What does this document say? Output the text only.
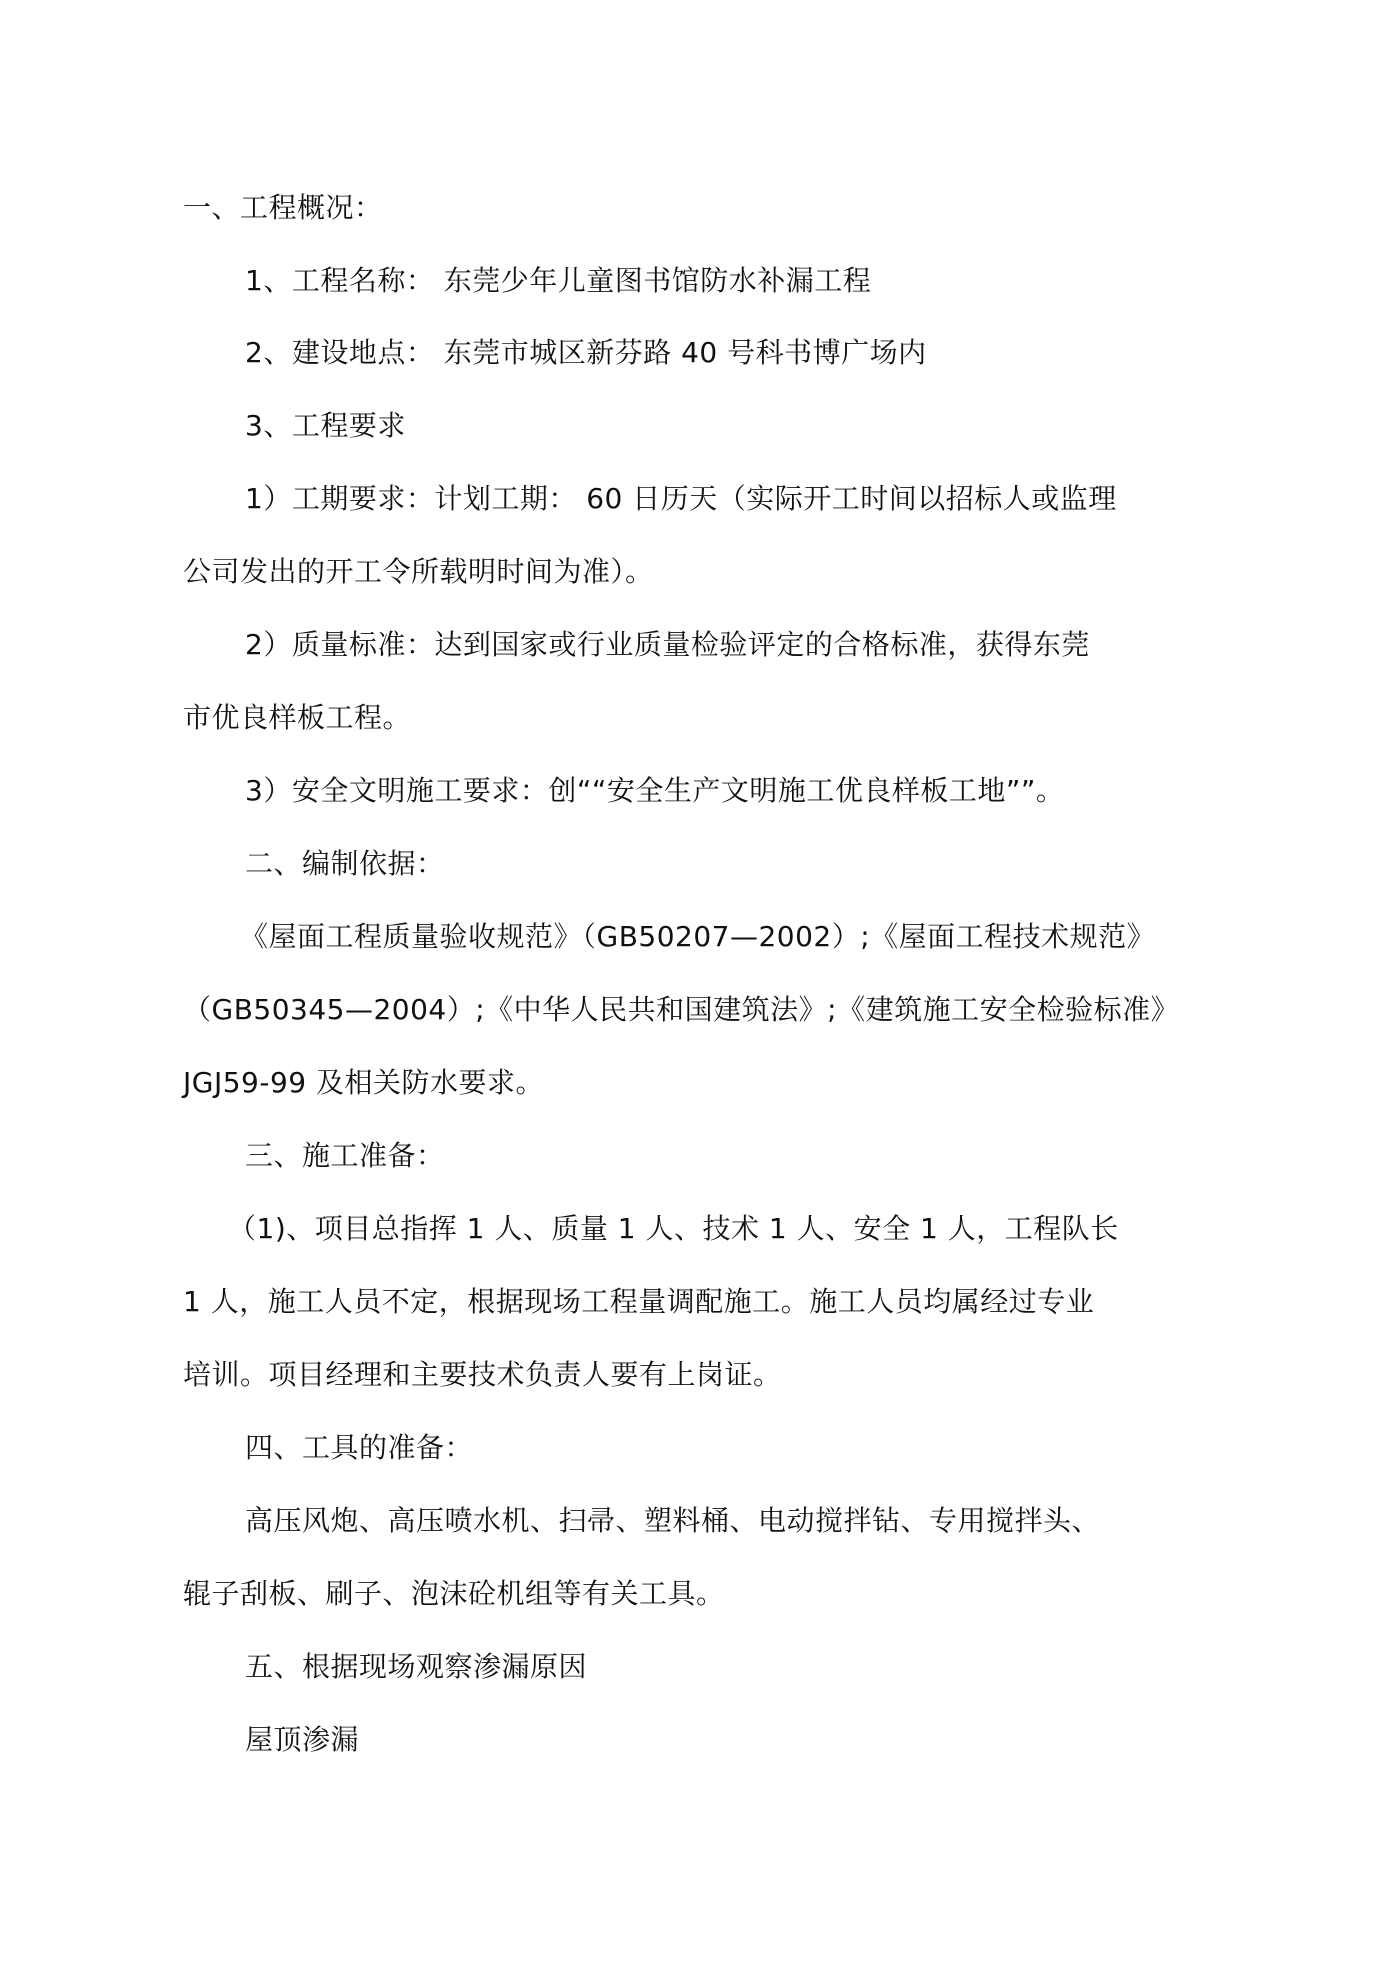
一、工程概况：
1、工程名称： 东莞少年儿童图书馆防水补漏工程
2、建设地点： 东莞市城区新芬路 40 号科书博广场内
3、工程要求
1）工期要求：计划工期： 60 日历天（实际开工时间以招标人或监理
公司发出的开工令所载明时间为准）。
2）质量标准：达到国家或行业质量检验评定的合格标准，获得东莞
市优良样板工程。
3）安全文明施工要求：创““安全生产文明施工优良样板工地””。
二、编制依据：
《屋面工程质量验收规范》（GB50207—2002）;《屋面工程技术规范》
（GB50345—2004）;《中华人民共和国建筑法》;《建筑施工安全检验标准》
JGJ59-99 及相关防水要求。
三、施工准备：
（1)、项目总指挥 1 人、质量 1 人、技术 1 人、安全 1 人，工程队长
1 人，施工人员不定，根据现场工程量调配施工。施工人员均属经过专业
培训。项目经理和主要技术负责人要有上岗证。
四、工具的准备：
高压风炮、高压喷水机、扫帚、塑料桶、电动搅拌钻、专用搅拌头、
辊子刮板、刷子、泡沫砼机组等有关工具。
五、根据现场观察渗漏原因
屋顶渗漏
